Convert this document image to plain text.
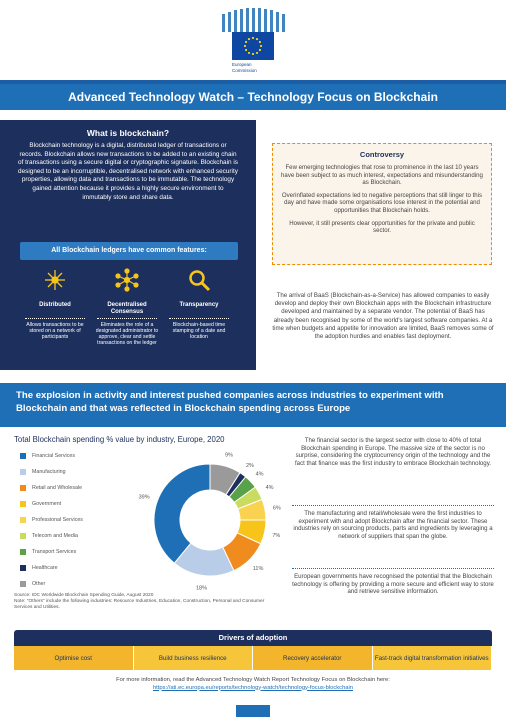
European
Commission
Advanced Technology Watch – Technology Focus on Blockchain
What is blockchain?

Blockchain technology is a digital, distributed ledger of transactions or records. Blockchain allows new transactions to be added to an existing chain of transactions using a secure digital or cryptographic signature. Blockchain is designed to be an incorruptible, decentralised network with enhanced security properties, allowing data and transactions to be immutable. The technology gained attention because it provides a highly secure environment to immutably store and share data.

All Blockchain ledgers have common features:
Distributed
Allows transactions to be stored on a network of participants
Decentralised Consensus
Eliminates the role of a designated administrator to approve, clear and settle transactions on the ledger
Transparency
Blockchain-based time stamping of a date and location
Controversy

Few emerging technologies that rose to prominence in the last 10 years have been subject to as much interest, expectations and misunderstanding as Blockchain.

Overinflated expectations led to negative perceptions that still linger to this day and have made some organisations lose interest in the potential and opportunities that Blockchain holds.

However, it still presents clear opportunities for the private and public sector.

The arrival of BaaS (Blockchain-as-a-Service) has allowed companies to easily develop and deploy their own Blockchain apps with the Blockchain infrastructure developed and maintained by a separate vendor. The potential of BaaS has already been recognised by some of the world's largest software companies. At a time when budgets and appetite for innovation are limited, BaaS removes some of the adoption hurdles and enables fast deployment.
The explosion in activity and interest pushed companies across industries to experiment with Blockchain and that was reflected in Blockchain spending across Europe
Total Blockchain spending % value by industry, Europe, 2020
Financial Services
Manufacturing
Retail and Wholesale
Government
Professional Services
Telecom and Media
Transport Services
Healthcare
Other
9%
2%
4%
4%
6%
7%
11%
18%
39%
Source: IDC Worldwide Blockchain Spending Guide, August 2020
Note: "Others" include the following industries: Resource Industries, Education, Construction, Personal and Consumer Services and Utilities.
The financial sector is the largest sector with close to 40% of total Blockchain spending in Europe. The massive size of the sector is no surprise, considering the cryptocurrency origin of the technology and the fact that finance was the first industry to embrace Blockchain technology.
The manufacturing and retail/wholesale were the first industries to experiment with and adopt Blockchain after the financial sector. These industries rely on sourcing products, parts and ingredients by leveraging a network of suppliers that span the globe.
European governments have recognised the potential that the Blockchain technology is offering by providing a more secure and efficient way to store and retrieve sensitive information.
Drivers of adoption
Optimise cost	Build business resilience	Recovery accelerator	Fast-track digital transformation initiatives
For more information, read the Advanced Technology Watch Report Technology Focus on Blockchain here:
https://ati.ec.europa.eu/reports/technology-watch/technology-focus-blockchain
